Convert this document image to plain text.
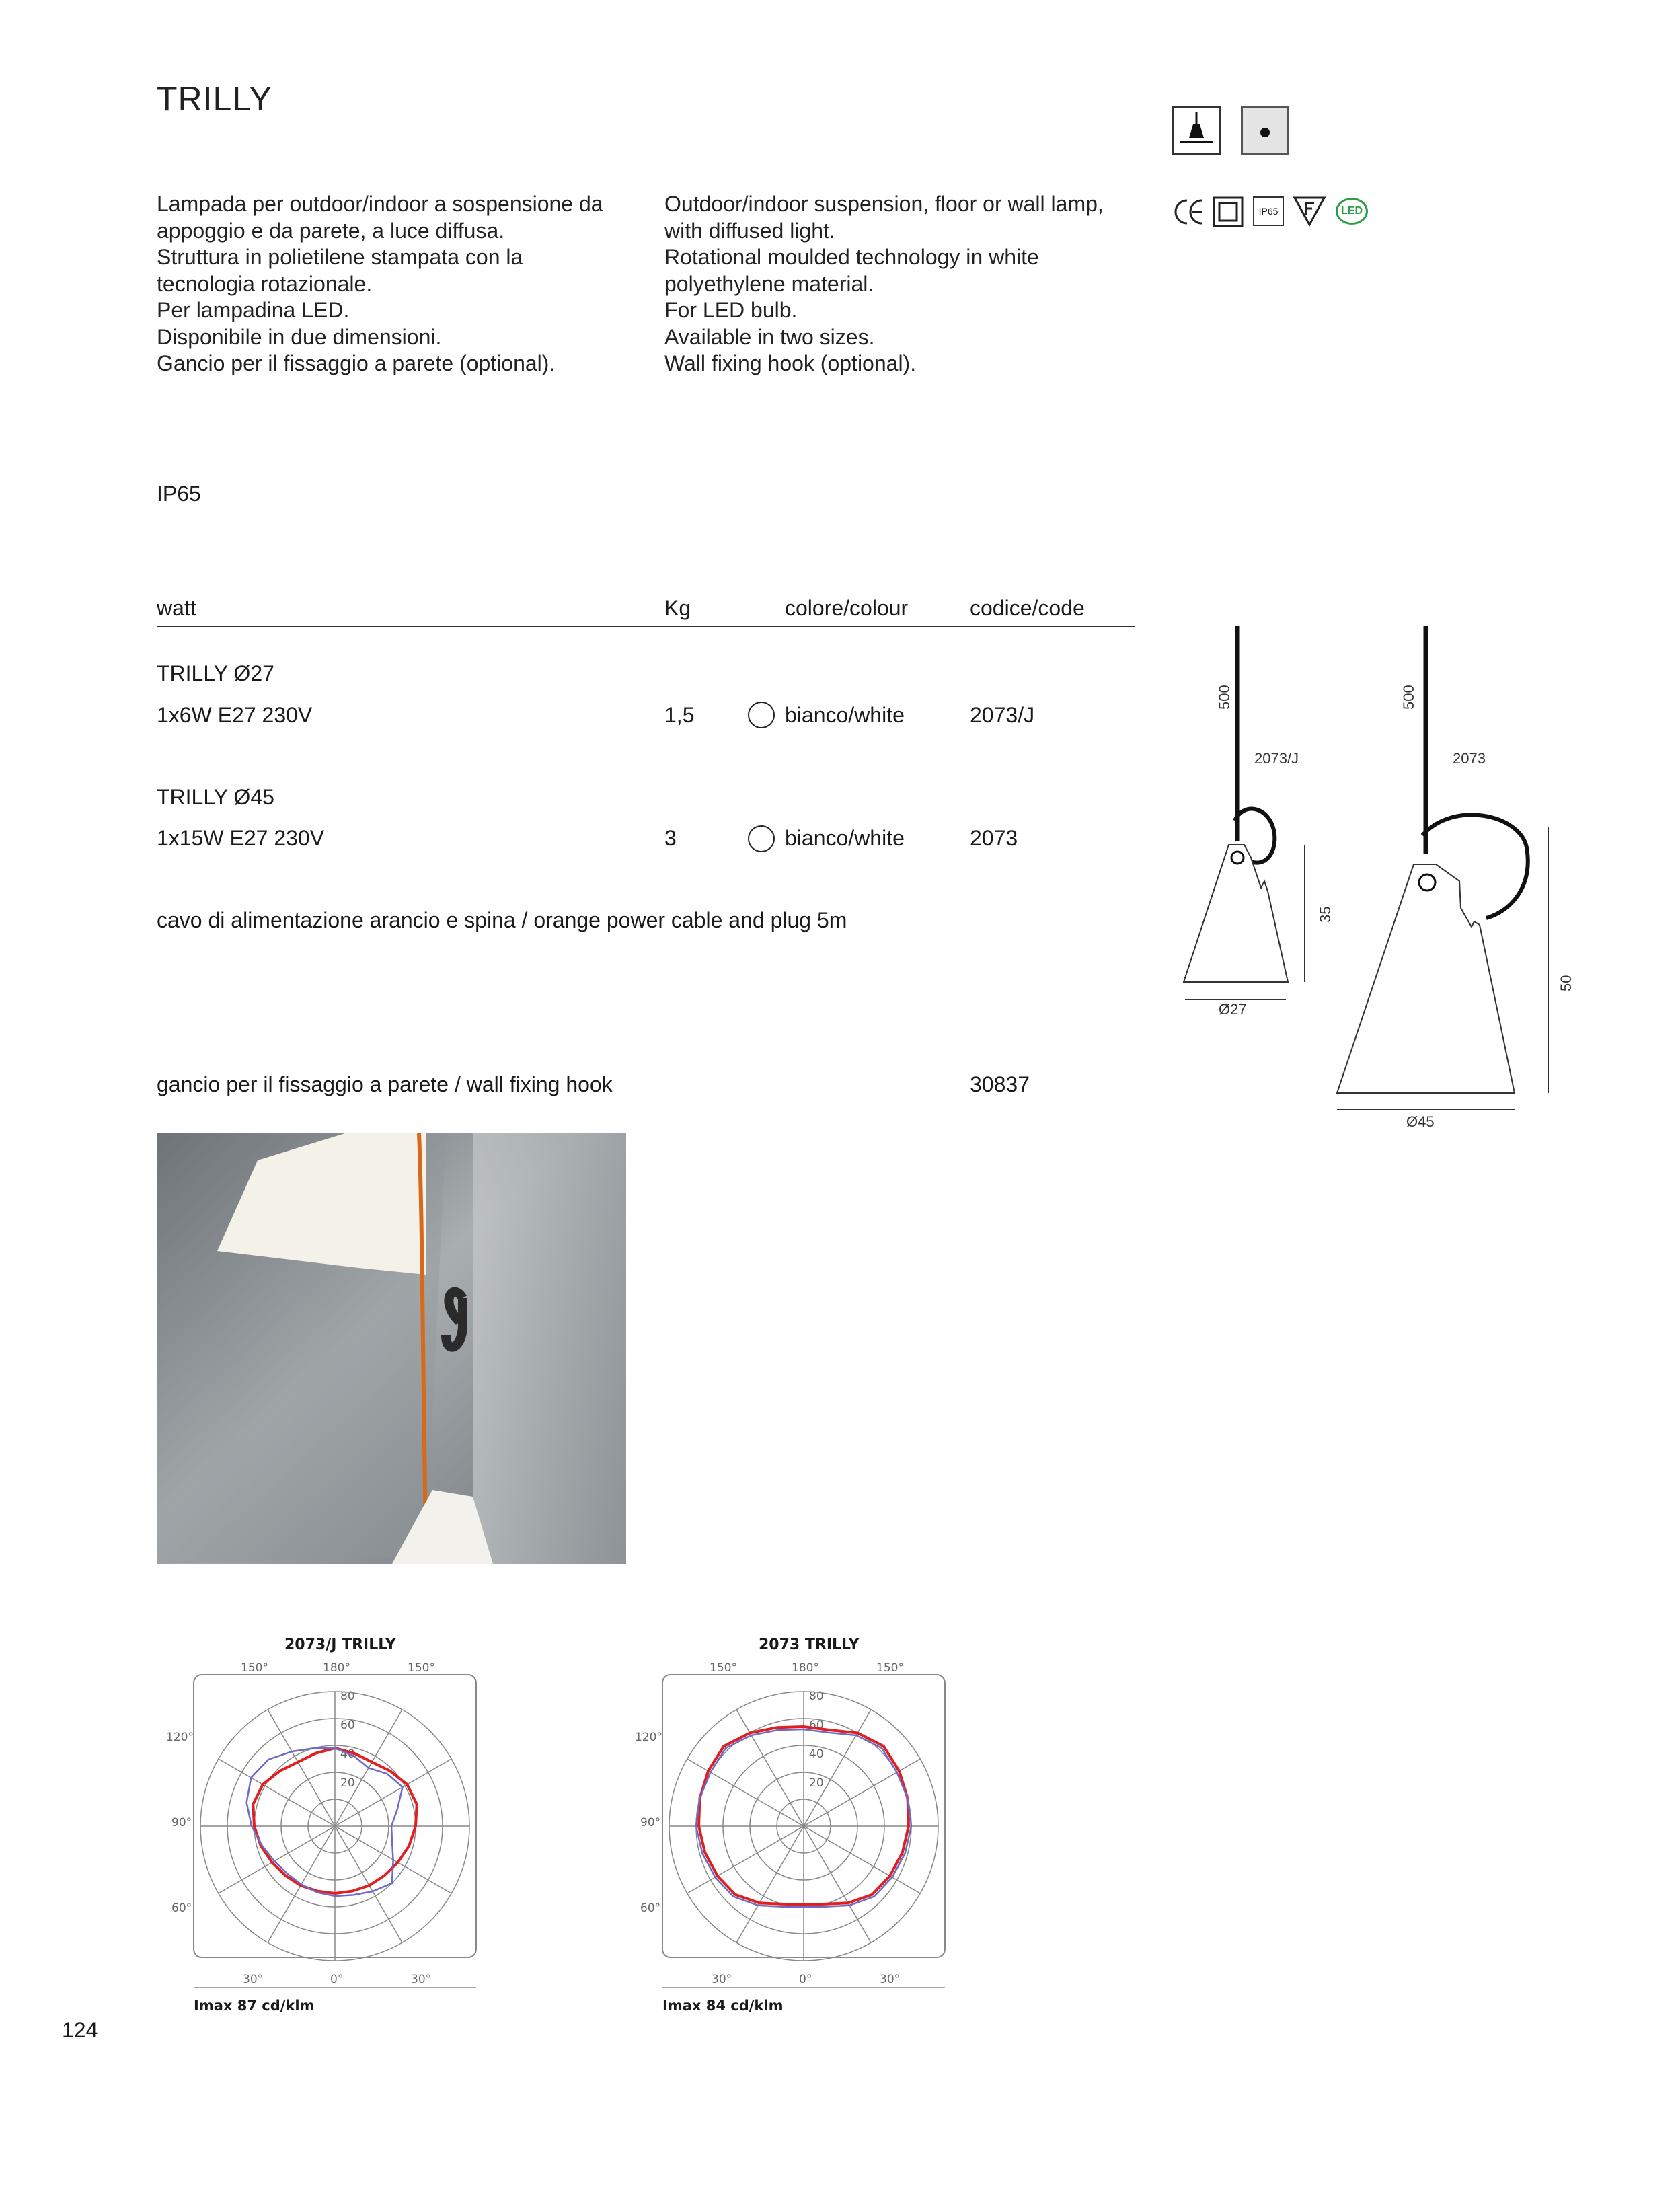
TRILLY
IP65	LED
Lampada per outdoor/indoor a sospensione da
appoggio e da parete, a luce diffusa.
Struttura in polietilene stampata con la
tecnologia rotazionale.
Per lampadina LED.
Disponibile in due dimensioni.
Gancio per il fissaggio a parete (optional).
Outdoor/indoor suspension, floor or wall lamp,
with diffused light.
Rotational moulded technology in white
polyethylene material.
For LED bulb.
Available in two sizes.
Wall fixing hook (optional).
IP65
watt	Kg	colore/colour	codice/code
TRILLY Ø27
1x6W E27 230V	1,5	bianco/white	2073/J
TRILLY Ø45
1x15W E27 230V	3	bianco/white	2073
cavo di alimentazione arancio e spina / orange power cable and plug 5m
gancio per il fissaggio a parete / wall fixing hook	30837
500
2073/J
35
Ø27
500
2073
50
Ø45
2073/J TRILLY
150°	180°	150°
120°
90°
60°
30°	0°	30°
80
60
40
20
Imax 87 cd/klm
2073 TRILLY
150°	180°	150°
120°
90°
60°
30°	0°	30°
80
60
40
20
Imax 84 cd/klm
124
